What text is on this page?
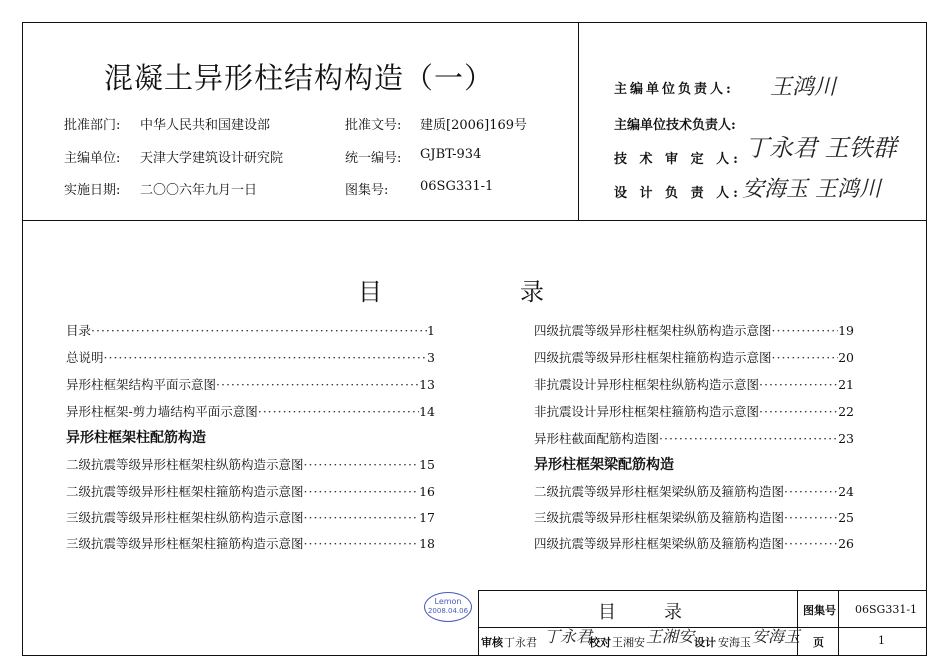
混凝土异形柱结构构造（一）
批准部门: 中华人民共和国建设部
主编单位: 天津大学建筑设计研究院
实施日期: 二〇〇六年九月一日
批准文号: 建质[2006]169号
统一编号: GJBT-934
图集号: 06SG331-1
主编单位负责人: 王鸿川
主编单位技术负责人:
技 术 审 定 人: 丁永君 王铁群
设 计 负 责 人: 安海玉 王鸿川
目	录
目录 ·····	1
总说明 ·····	3
异形柱框架结构平面示意图 ·····	13
异形柱框架-剪力墙结构平面示意图 ·····	14
异形柱框架柱配筋构造
二级抗震等级异形柱框架柱纵筋构造示意图 ·····	15
二级抗震等级异形柱框架柱箍筋构造示意图 ·····	16
三级抗震等级异形柱框架柱纵筋构造示意图 ·····	17
三级抗震等级异形柱框架柱箍筋构造示意图 ·····	18
四级抗震等级异形柱框架柱纵筋构造示意图 ·····	19
四级抗震等级异形柱框架柱箍筋构造示意图 ·····	20
非抗震设计异形柱框架柱纵筋构造示意图 ·····	21
非抗震设计异形柱框架柱箍筋构造示意图 ·····	22
异形柱截面配筋构造图 ·····	23
异形柱框架梁配筋构造
二级抗震等级异形柱框架梁纵筋及箍筋构造图 ·····	24
三级抗震等级异形柱框架梁纵筋及箍筋构造图 ·····	25
四级抗震等级异形柱框架梁纵筋及箍筋构造图 ·····	26
Lemon
2008.04.06	目	录	图集号 06SG331-1
审核 丁永君 丁永君
校对 王湘安 王湘安 设计 安海玉 安海玉 页	1
